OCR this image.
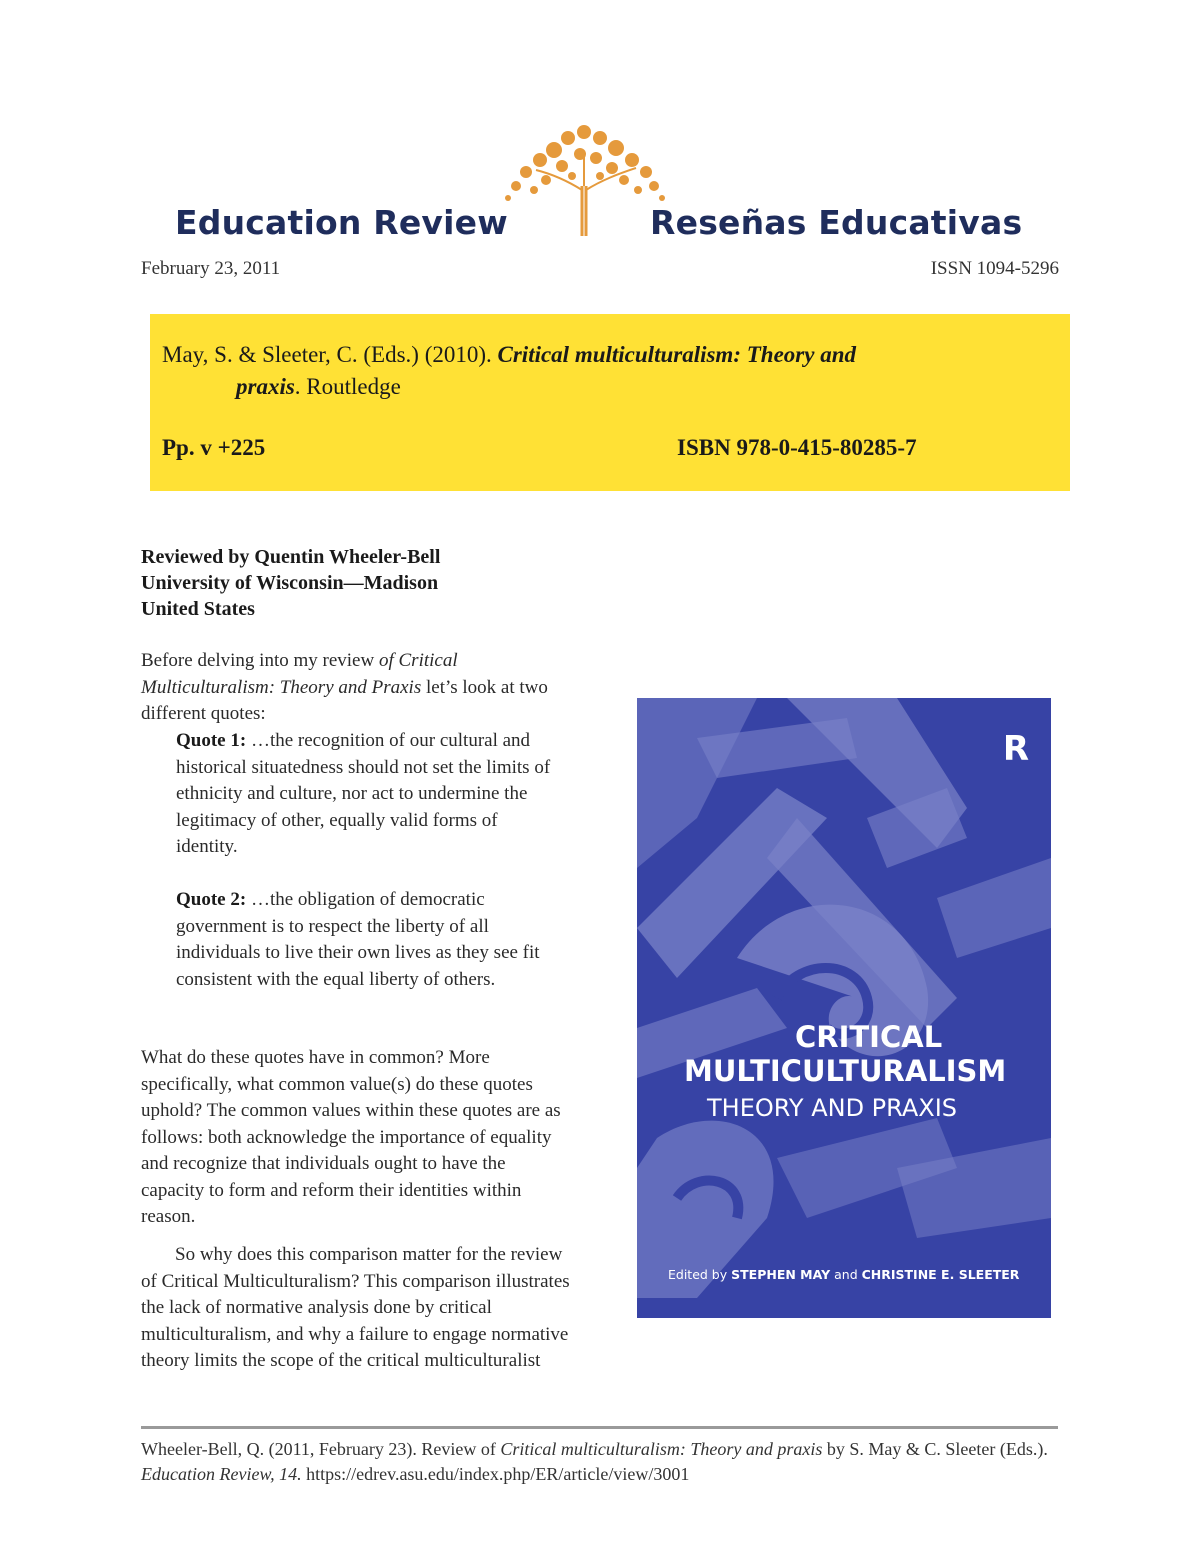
Education Review	Reseñas Educativas
February 23, 2011	ISSN 1094-5296
May, S. & Sleeter, C. (Eds.) (2010). Critical multiculturalism: Theory and
praxis. Routledge
Pp. v +225	ISBN 978-0-415-80285-7
Reviewed by Quentin Wheeler-Bell
University of Wisconsin—Madison
United States
Before delving into my review of Critical Multiculturalism: Theory and Praxis let’s look at two different quotes:
Quote 1: …the recognition of our cultural and historical situatedness should not set the limits of ethnicity and culture, nor act to undermine the legitimacy of other, equally valid forms of identity.
Quote 2: …the obligation of democratic government is to respect the liberty of all individuals to live their own lives as they see fit consistent with the equal liberty of others.
What do these quotes have in common? More specifically, what common value(s) do these quotes uphold? The common values within these quotes are as follows: both acknowledge the importance of equality and recognize that individuals ought to have the capacity to form and reform their identities within reason.
So why does this comparison matter for the review of Critical Multiculturalism? This comparison illustrates the lack of normative analysis done by critical multiculturalism, and why a failure to engage normative theory limits the scope of the critical multiculturalist
R
CRITICAL
MULTICULTURALISM
THEORY AND PRAXIS
Edited by STEPHEN MAY and CHRISTINE E. SLEETER
Wheeler-Bell, Q. (2011, February 23). Review of Critical multiculturalism: Theory and praxis by S. May & C. Sleeter (Eds.). Education Review, 14. https://edrev.asu.edu/index.php/ER/article/view/3001
